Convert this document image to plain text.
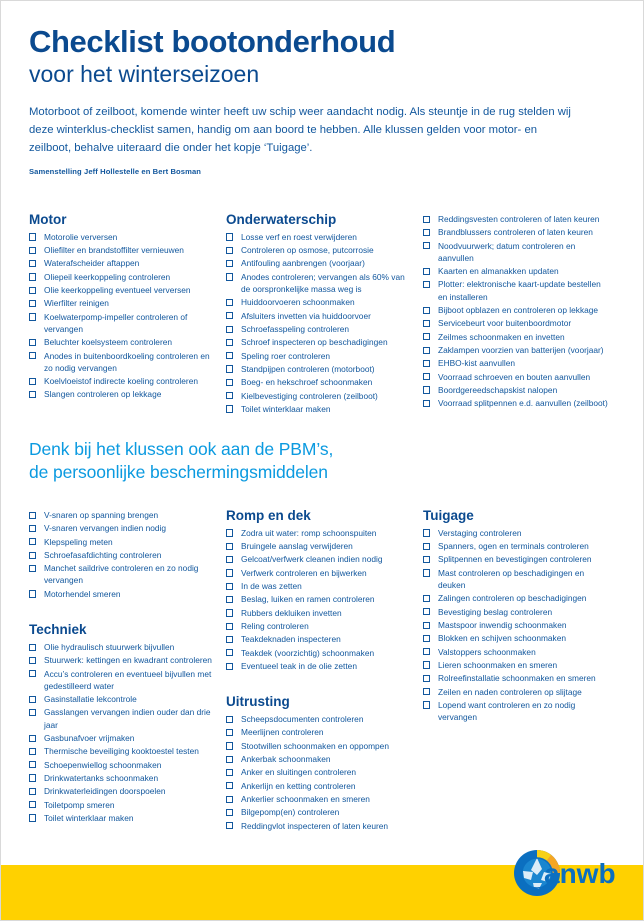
Checklist bootonderhoud
voor het winterseizoen

Motorboot of zeilboot, komende winter heeft uw schip weer aandacht nodig. Als steuntje in de rug stelden wij deze winterklus-checklist samen, handig om aan boord te hebben. Alle klussen gelden voor motor- en zeilboot, behalve uiteraard die onder het kopje ‘Tuigage’.

Samenstelling Jeff Hollestelle en Bert Bosman

Motor
Motorolie verversen
Oliefilter en brandstoffilter vernieuwen
Waterafscheider aftappen
Oliepeil keerkoppeling controleren
Olie keerkoppeling eventueel verversen
Wierfilter reinigen
Koelwaterpomp-impeller controleren of vervangen
Beluchter koelsysteem controleren
Anodes in buitenboordkoeling controleren en zo nodig vervangen
Koelvloeistof indirecte koeling controleren
Slangen controleren op lekkage
Onderwaterschip
Losse verf en roest verwijderen
Controleren op osmose, putcorrosie
Antifouling aanbrengen (voorjaar)
Anodes controleren; vervangen als 60% van de oorspronkelijke massa weg is
Huiddoorvoeren schoonmaken
Afsluiters invetten via huiddoorvoer
Schroefasspeling controleren
Schroef inspecteren op beschadigingen
Speling roer controleren
Standpijpen controleren (motorboot)
Boeg- en hekschroef schoonmaken
Kielbevestiging controleren (zeilboot)
Toilet winterklaar maken
Reddingsvesten controleren of laten keuren
Brandblussers controleren of laten keuren
Noodvuurwerk; datum controleren en aanvullen
Kaarten en almanakken updaten
Plotter: elektronische kaart-update bestellen en installeren
Bijboot opblazen en controleren op lekkage
Servicebeurt voor buitenboordmotor
Zeilmes schoonmaken en invetten
Zaklampen voorzien van batterijen (voorjaar)
EHBO-kist aanvullen
Voorraad schroeven en bouten aanvullen
Boordgereedschapskist nalopen
Voorraad splitpennen e.d. aanvullen (zeilboot)
Denk bij het klussen ook aan de PBM’s,
de persoonlijke beschermingsmiddelen
V-snaren op spanning brengen
V-snaren vervangen indien nodig
Klepspeling meten
Schroefasafdichting controleren
Manchet saildrive controleren en zo nodig vervangen
Motorhendel smeren
Techniek
Olie hydraulisch stuurwerk bijvullen
Stuurwerk: kettingen en kwadrant controleren
Accu’s controleren en eventueel bijvullen met gedestilleerd water
Gasinstallatie lekcontrole
Gasslangen vervangen indien ouder dan drie jaar
Gasbunafvoer vrijmaken
Thermische beveiliging kooktoestel testen
Schoepenwiellog schoonmaken
Drinkwatertanks schoonmaken
Drinkwaterleidingen doorspoelen
Toiletpomp smeren
Toilet winterklaar maken
Romp en dek
Zodra uit water: romp schoonspuiten
Bruingele aanslag verwijderen
Gelcoat/verfwerk cleanen indien nodig
Verfwerk controleren en bijwerken
In de was zetten
Beslag, luiken en ramen controleren
Rubbers dekluiken invetten
Reling controleren
Teakdeknaden inspecteren
Teakdek (voorzichtig) schoonmaken
Eventueel teak in de olie zetten
Uitrusting
Scheepsdocumenten controleren
Meerlijnen controleren
Stootwillen schoonmaken en oppompen
Ankerbak schoonmaken
Anker en sluitingen controleren
Ankerlijn en ketting controleren
Ankerlier schoonmaken en smeren
Bilgepomp(en) controleren
Reddingvlot inspecteren of laten keuren
Tuigage
Verstaging controleren
Spanners, ogen en terminals controleren
Splitpennen en bevestigingen controleren
Mast controleren op beschadigingen en deuken
Zalingen controleren op beschadigingen
Bevestiging beslag controleren
Mastspoor inwendig schoonmaken
Blokken en schijven schoonmaken
Valstoppers schoonmaken
Lieren schoonmaken en smeren
Rolreefinstallatie schoonmaken en smeren
Zeilen en naden controleren op slijtage
Lopend want controleren en zo nodig vervangen
anwb
